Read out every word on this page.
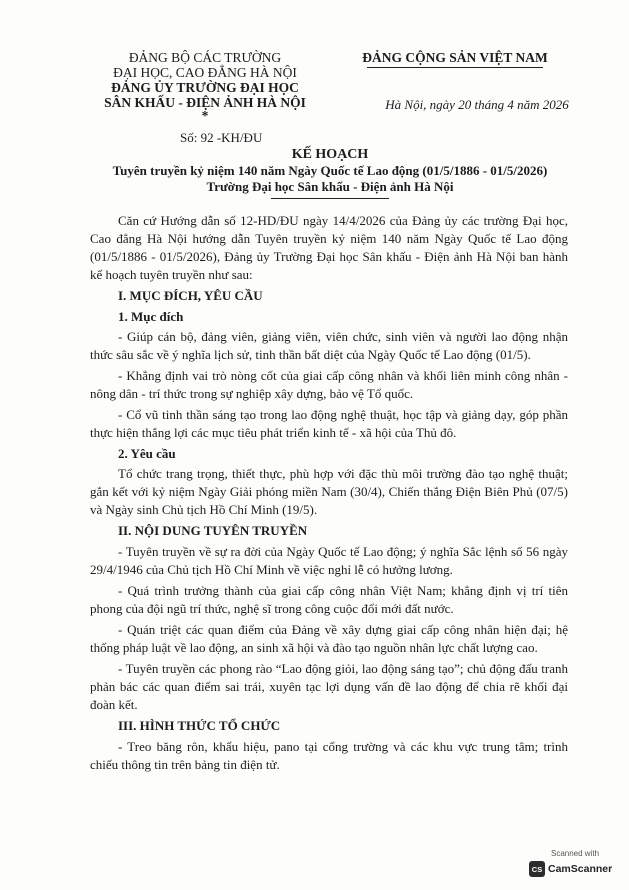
ĐẢNG BỘ CÁC TRƯỜNG
ĐẠI HỌC, CAO ĐẲNG HÀ NỘI
ĐẢNG ỦY TRƯỜNG ĐẠI HỌC
SÂN KHẤU - ĐIỆN ẢNH HÀ NỘI
*
ĐẢNG CỘNG SẢN VIỆT NAM
Hà Nội, ngày 20 tháng 4 năm 2026
Số: 92 -KH/ĐU
KẾ HOẠCH
Tuyên truyền kỷ niệm 140 năm Ngày Quốc tế Lao động (01/5/1886 - 01/5/2026)
Trường Đại học Sân khấu - Điện ảnh Hà Nội

Căn cứ Hướng dẫn số 12-HD/ĐU ngày 14/4/2026 của Đảng ủy các trường Đại học, Cao đẳng Hà Nội hướng dẫn Tuyên truyền kỷ niệm 140 năm Ngày Quốc tế Lao động (01/5/1886 - 01/5/2026), Đảng ủy Trường Đại học Sân khấu - Điện ảnh Hà Nội ban hành kế hoạch tuyên truyền như sau:

I. MỤC ĐÍCH, YÊU CẦU
1. Mục đích

- Giúp cán bộ, đảng viên, giảng viên, viên chức, sinh viên và người lao động nhận thức sâu sắc về ý nghĩa lịch sử, tinh thần bất diệt của Ngày Quốc tế Lao động (01/5).

- Khẳng định vai trò nòng cốt của giai cấp công nhân và khối liên minh công nhân - nông dân - trí thức trong sự nghiệp xây dựng, bảo vệ Tổ quốc.

- Cổ vũ tinh thần sáng tạo trong lao động nghệ thuật, học tập và giảng dạy, góp phần thực hiện thắng lợi các mục tiêu phát triển kinh tế - xã hội của Thủ đô.

2. Yêu cầu

Tổ chức trang trọng, thiết thực, phù hợp với đặc thù môi trường đào tạo nghệ thuật; gắn kết với kỷ niệm Ngày Giải phóng miền Nam (30/4), Chiến thắng Điện Biên Phủ (07/5) và Ngày sinh Chủ tịch Hồ Chí Minh (19/5).

II. NỘI DUNG TUYÊN TRUYỀN

- Tuyên truyền về sự ra đời của Ngày Quốc tế Lao động; ý nghĩa Sắc lệnh số 56 ngày 29/4/1946 của Chủ tịch Hồ Chí Minh về việc nghỉ lễ có hưởng lương.

- Quá trình trưởng thành của giai cấp công nhân Việt Nam; khẳng định vị trí tiên phong của đội ngũ trí thức, nghệ sĩ trong công cuộc đổi mới đất nước.

- Quán triệt các quan điểm của Đảng về xây dựng giai cấp công nhân hiện đại; hệ thống pháp luật về lao động, an sinh xã hội và đào tạo nguồn nhân lực chất lượng cao.

- Tuyên truyền các phong rào “Lao động giỏi, lao động sáng tạo”; chủ động đấu tranh phản bác các quan điểm sai trái, xuyên tạc lợi dụng vấn đề lao động để chia rẽ khối đại đoàn kết.

III. HÌNH THỨC TỔ CHỨC

- Treo băng rôn, khẩu hiệu, pano tại cổng trường và các khu vực trung tâm; trình chiếu thông tin trên bảng tin điện tử.

Scanned with
CS CamScanner
